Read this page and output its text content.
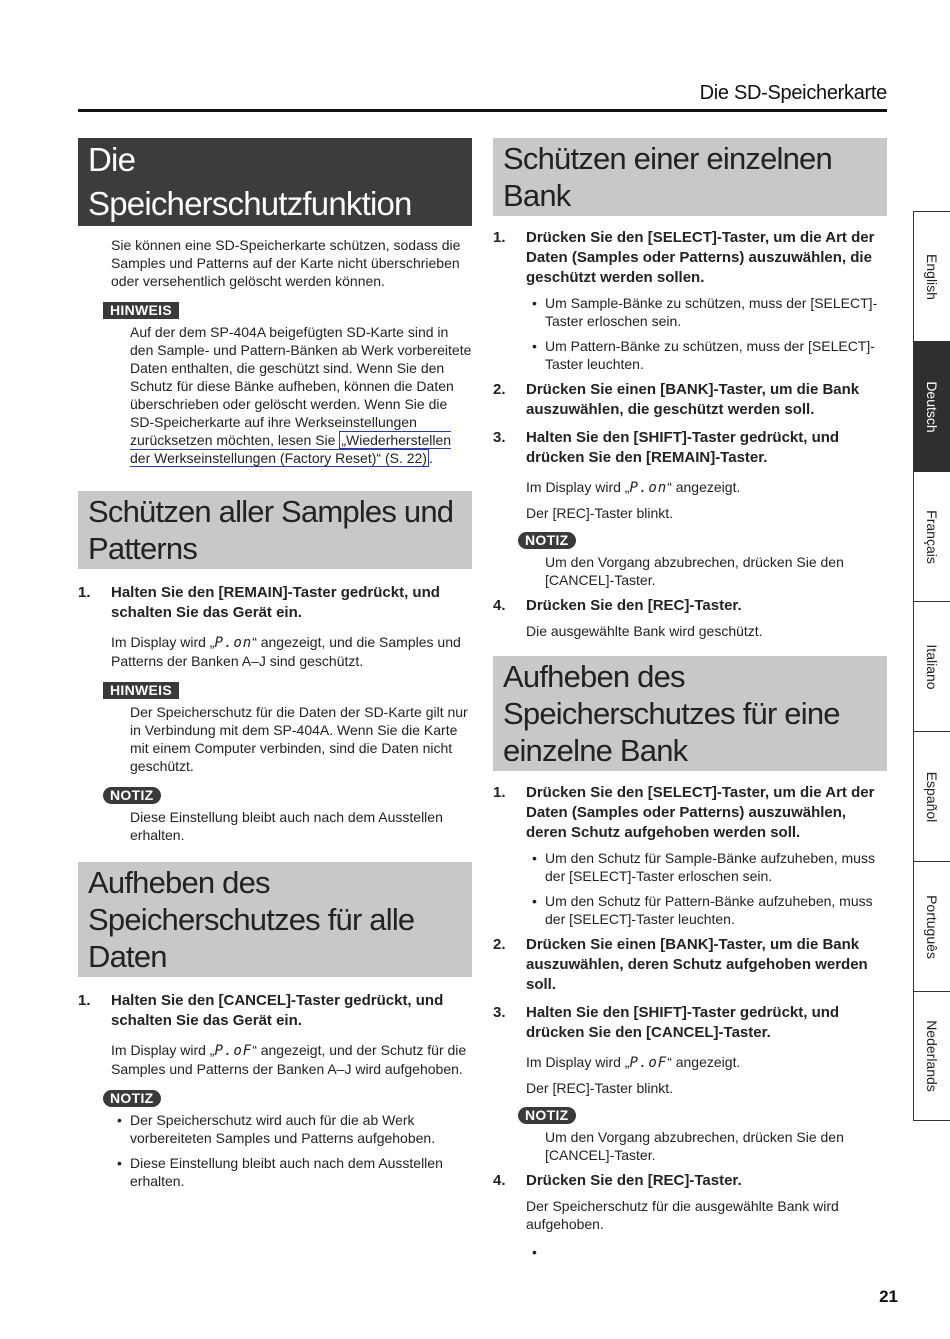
Die SD-Speicherkarte
Die Speicherschutzfunktion
Sie können eine SD-Speicherkarte schützen, sodass die Samples und Patterns auf der Karte nicht überschrieben oder versehentlich gelöscht werden können.
HINWEIS
Auf der dem SP-404A beigefügten SD-Karte sind in den Sample- und Pattern-Bänken ab Werk vorbereitete Daten enthalten, die geschützt sind. Wenn Sie den Schutz für diese Bänke aufheben, können die Daten überschrieben oder gelöscht werden. Wenn Sie die SD-Speicherkarte auf ihre Werkseinstellungen zurücksetzen möchten, lesen Sie „Wiederherstellen der Werkseinstellungen (Factory Reset)“ (S. 22) .
Schützen aller Samples und Patterns
1.	Halten Sie den [REMAIN]-Taster gedrückt, und schalten Sie das Gerät ein.
Im Display wird „P.on“ angezeigt, und die Samples und Patterns der Banken A–J sind geschützt.
HINWEIS
Der Speicherschutz für die Daten der SD-Karte gilt nur in Verbindung mit dem SP-404A. Wenn Sie die Karte mit einem Computer verbinden, sind die Daten nicht geschützt.
NOTIZ
Diese Einstellung bleibt auch nach dem Ausstellen erhalten.
Aufheben des Speicherschutzes für alle Daten
1.	Halten Sie den [CANCEL]-Taster gedrückt, und schalten Sie das Gerät ein.
Im Display wird „P.oF“ angezeigt, und der Schutz für die Samples und Patterns der Banken A–J wird aufgehoben.
NOTIZ
• Der Speicherschutz wird auch für die ab Werk vorbereiteten Samples und Patterns aufgehoben.
• Diese Einstellung bleibt auch nach dem Ausstellen erhalten.
Schützen einer einzelnen Bank
1.	Drücken Sie den [SELECT]-Taster, um die Art der Daten (Samples oder Patterns) auszuwählen, die geschützt werden sollen.
• Um Sample-Bänke zu schützen, muss der [SELECT]-Taster erloschen sein.
• Um Pattern-Bänke zu schützen, muss der [SELECT]-Taster leuchten.
2.	Drücken Sie einen [BANK]-Taster, um die Bank auszuwählen, die geschützt werden soll.
3.	Halten Sie den [SHIFT]-Taster gedrückt, und drücken Sie den [REMAIN]-Taster.
Im Display wird „P.on“ angezeigt.
Der [REC]-Taster blinkt.
NOTIZ
Um den Vorgang abzubrechen, drücken Sie den [CANCEL]-Taster.
4.	Drücken Sie den [REC]-Taster.
Die ausgewählte Bank wird geschützt.
Aufheben des Speicherschutzes für eine einzelne Bank
1.	Drücken Sie den [SELECT]-Taster, um die Art der Daten (Samples oder Patterns) auszuwählen, deren Schutz aufgehoben werden soll.
• Um den Schutz für Sample-Bänke aufzuheben, muss der [SELECT]-Taster erloschen sein.
• Um den Schutz für Pattern-Bänke aufzuheben, muss der [SELECT]-Taster leuchten.
2.	Drücken Sie einen [BANK]-Taster, um die Bank auszuwählen, deren Schutz aufgehoben werden soll.
3.	Halten Sie den [SHIFT]-Taster gedrückt, und drücken Sie den [CANCEL]-Taster.
Im Display wird „P.oF“ angezeigt.
Der [REC]-Taster blinkt.
NOTIZ
Um den Vorgang abzubrechen, drücken Sie den [CANCEL]-Taster.
4.	Drücken Sie den [REC]-Taster.
Der Speicherschutz für die ausgewählte Bank wird aufgehoben.
•
English
Deutsch
Français
Italiano
Español
Português
Nederlands
21
